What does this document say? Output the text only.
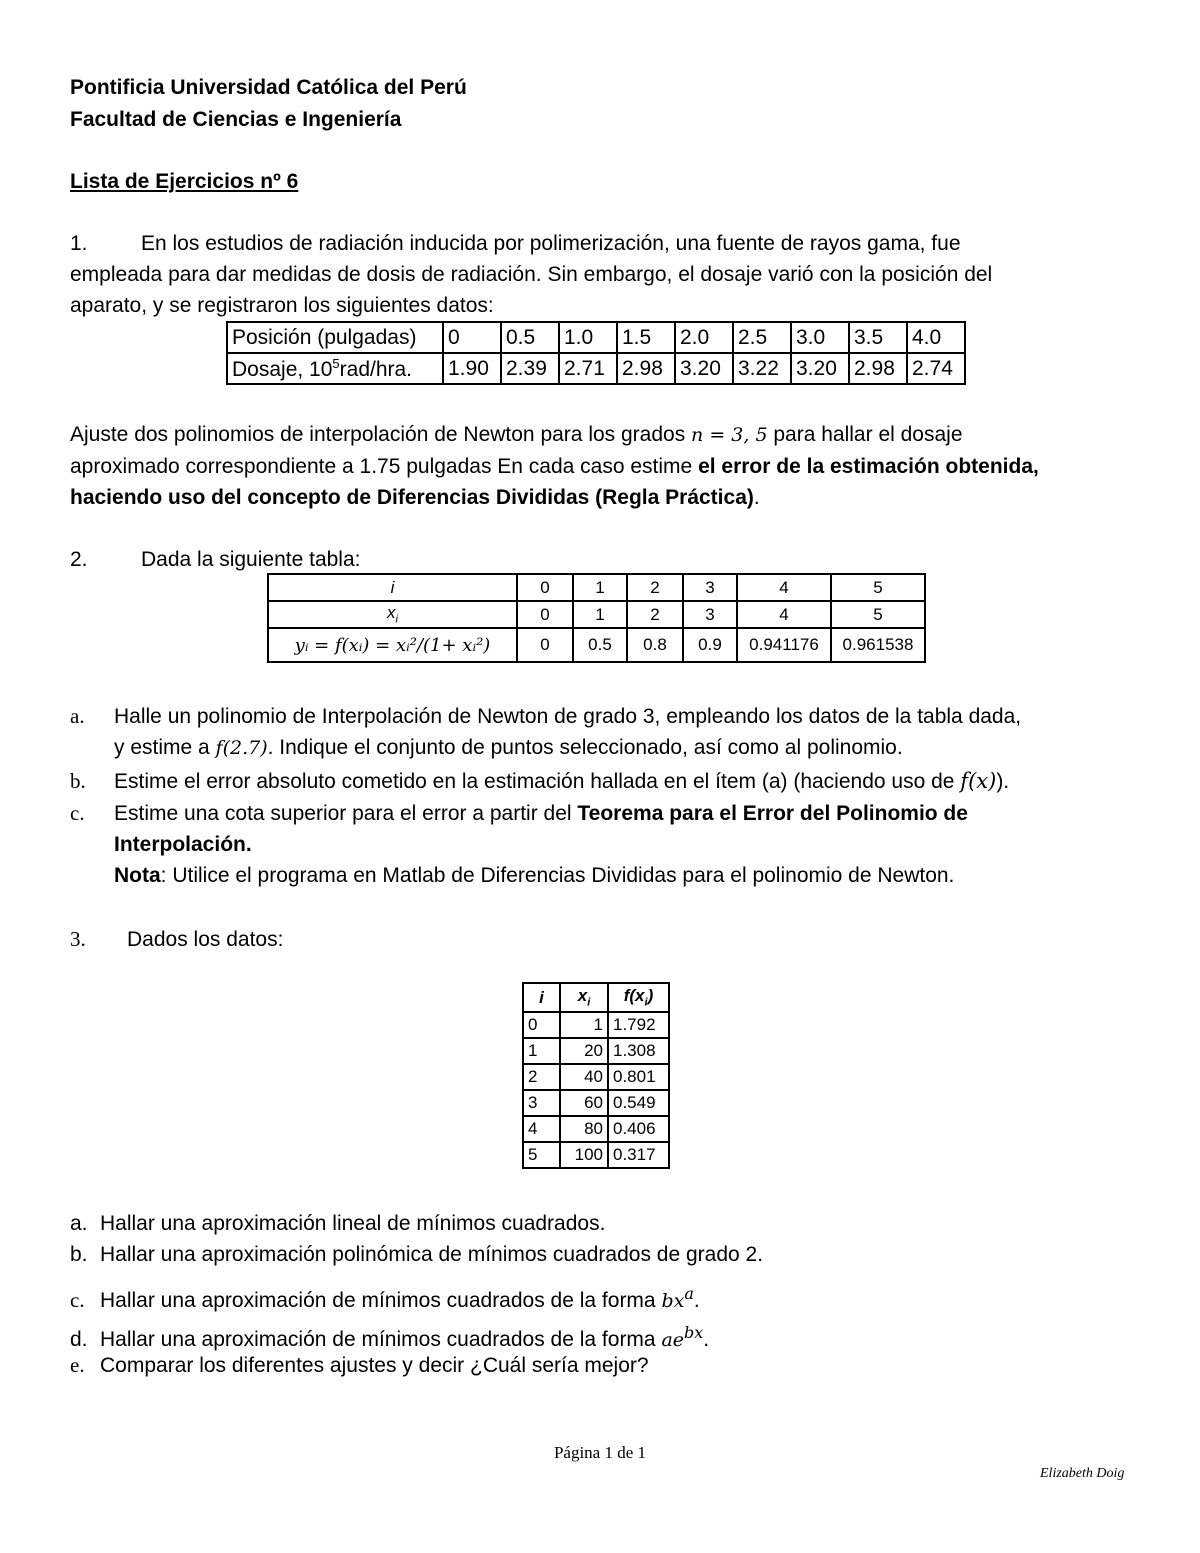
Pontificia Universidad Católica del Perú
Facultad de Ciencias e Ingeniería
Lista de Ejercicios nº 6
1.	En los estudios de radiación inducida por polimerización, una fuente de rayos gama, fue
empleada para dar medidas de dosis de radiación. Sin embargo, el dosaje varió con la posición del
aparato, y se registraron los siguientes datos:
Posición (pulgadas)	0	0.5	1.0	1.5	2.0	2.5	3.0	3.5	4.0
Dosaje, $10^5rad$/hra.	1.90	2.39	2.71	2.98	3.20	3.22	3.20	2.98	2.74
Ajuste dos polinomios de interpolación de Newton para los grados n = 3, 5 para hallar el dosaje
aproximado correspondiente a 1.75 pulgadas En cada caso estime el error de la estimación obtenida,
haciendo uso del concepto de Diferencias Divididas (Regla Práctica).
2.	Dada la siguiente tabla:
i	0	1	2	3	4	5
$x_i$	0	1	2	3	4	5
yᵢ = f(xᵢ) = xᵢ²/(1+ xᵢ²)	0	0.5	0.8	0.9	0.941176	0.961538
a. Halle un polinomio de Interpolación de Newton de grado 3, empleando los datos de la tabla dada,
y estime a f(2.7). Indique el conjunto de puntos seleccionado, así como al polinomio.
b. Estime el error absoluto cometido en la estimación hallada en el ítem (a) (haciendo uso de f(x)).
c. Estime una cota superior para el error a partir del Teorema para el Error del Polinomio de
Interpolación.
Nota: Utilice el programa en Matlab de Diferencias Divididas para el polinomio de Newton.
3. Dados los datos:
i	$x_i$	$f(x_i)$
0	1	1.792
1	20	1.308
2	40	0.801
3	60	0.549
4	80	0.406
5	100	0.317
a. Hallar una aproximación lineal de mínimos cuadrados.
b. Hallar una aproximación polinómica de mínimos cuadrados de grado 2.
c. Hallar una aproximación de mínimos cuadrados de la forma $bx^a$.
d. Hallar una aproximación de mínimos cuadrados de la forma $ae^{bx}$.
e. Comparar los diferentes ajustes y decir ¿Cuál sería mejor?
Página 1 de 1
Elizabeth Doig
